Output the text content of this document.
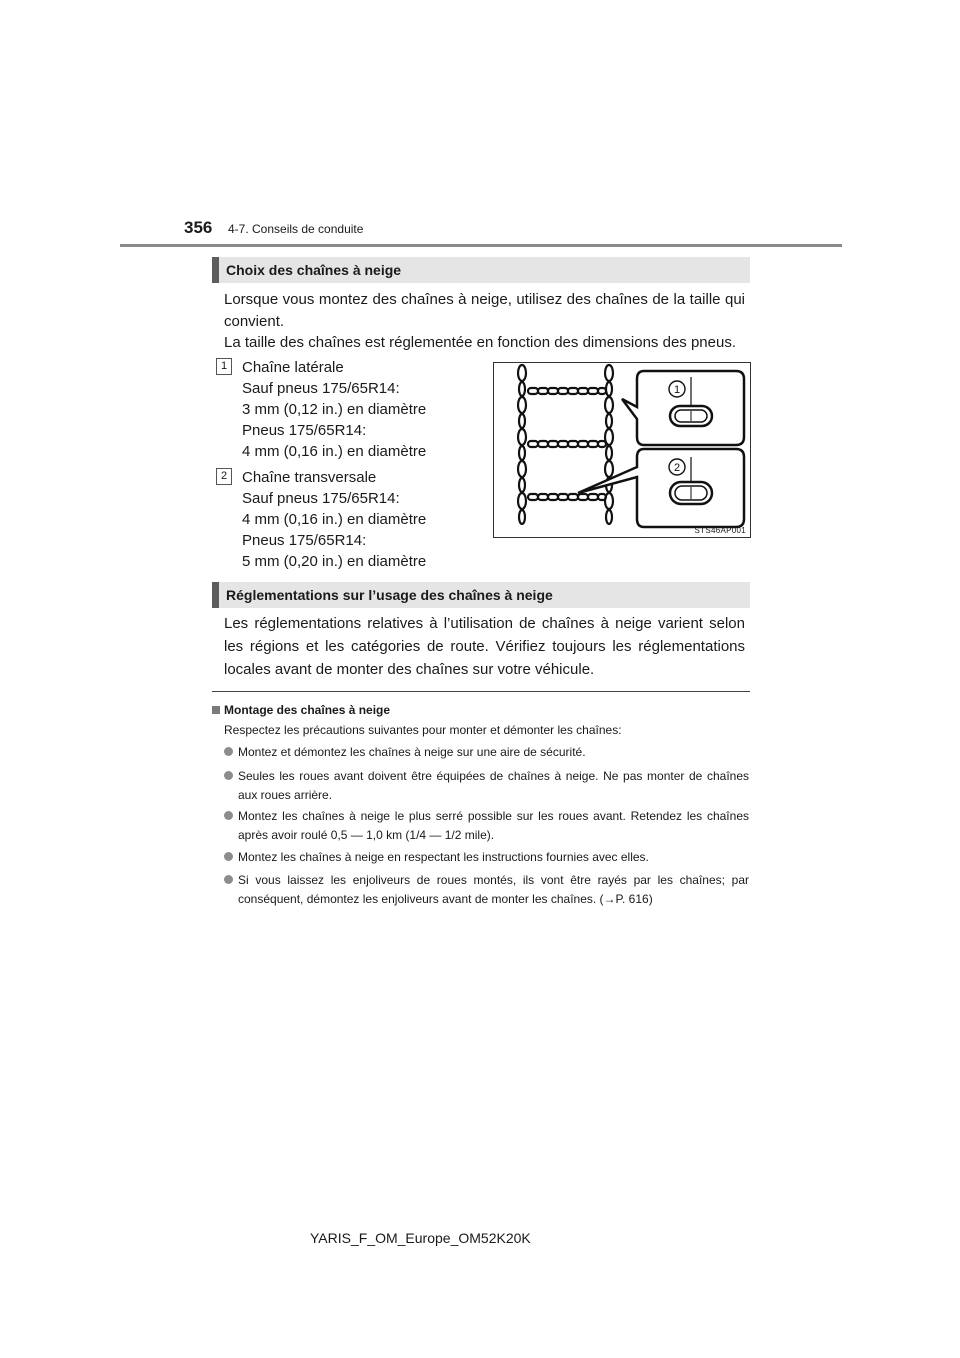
356 4-7. Conseils de conduite
Choix des chaînes à neige
Lorsque vous montez des chaînes à neige, utilisez des chaînes de la taille qui convient.
La taille des chaînes est réglementée en fonction des dimensions des pneus.
1 Chaîne latérale
Sauf pneus 175/65R14:
3 mm (0,12 in.) en diamètre
Pneus 175/65R14:
4 mm (0,16 in.) en diamètre
2 Chaîne transversale
Sauf pneus 175/65R14:
4 mm (0,16 in.) en diamètre
Pneus 175/65R14:
5 mm (0,20 in.) en diamètre
1
2
STS46AP001
Réglementations sur l’usage des chaînes à neige
Les réglementations relatives à l’utilisation de chaînes à neige varient selon les régions et les catégories de route. Vérifiez toujours les réglementations locales avant de monter des chaînes sur votre véhicule.
Montage des chaînes à neige
Respectez les précautions suivantes pour monter et démonter les chaînes:
Montez et démontez les chaînes à neige sur une aire de sécurité.
Seules les roues avant doivent être équipées de chaînes à neige. Ne pas monter de chaînes aux roues arrière.
Montez les chaînes à neige le plus serré possible sur les roues avant. Retendez les chaînes après avoir roulé 0,5 — 1,0 km (1/4 — 1/2 mile).
Montez les chaînes à neige en respectant les instructions fournies avec elles.
Si vous laissez les enjoliveurs de roues montés, ils vont être rayés par les chaînes; par conséquent, démontez les enjoliveurs avant de monter les chaînes. (→P. 616)
YARIS_F_OM_Europe_OM52K20K
